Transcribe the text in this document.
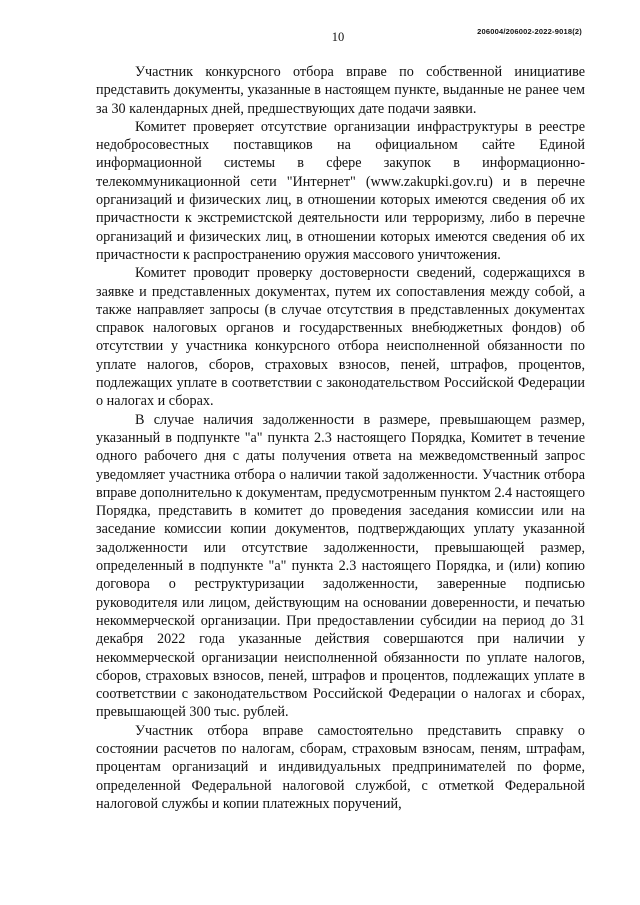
206004/206002-2022-9018(2)
10

Участник конкурсного отбора вправе по собственной инициативе представить документы, указанные в настоящем пункте, выданные не ранее чем за 30 календарных дней, предшествующих дате подачи заявки.

Комитет проверяет отсутствие организации инфраструктуры в реестре недобросовестных поставщиков на официальном сайте Единой информационной системы в сфере закупок в информационно-телекоммуникационной сети "Интернет" (www.zakupki.gov.ru) и в перечне организаций и физических лиц, в отношении которых имеются сведения об их причастности к экстремистской деятельности или терроризму, либо в перечне организаций и физических лиц, в отношении которых имеются сведения об их причастности к распространению оружия массового уничтожения.

Комитет проводит проверку достоверности сведений, содержащихся в заявке и представленных документах, путем их сопоставления между собой, а также направляет запросы (в случае отсутствия в представленных документах справок налоговых органов и государственных внебюджетных фондов) об отсутствии у участника конкурсного отбора неисполненной обязанности по уплате налогов, сборов, страховых взносов, пеней, штрафов, процентов, подлежащих уплате в соответствии с законодательством Российской Федерации о налогах и сборах.

В случае наличия задолженности в размере, превышающем размер, указанный в подпункте "а" пункта 2.3 настоящего Порядка, Комитет в течение одного рабочего дня с даты получения ответа на межведомственный запрос уведомляет участника отбора о наличии такой задолженности. Участник отбора вправе дополнительно к документам, предусмотренным пунктом 2.4 настоящего Порядка, представить в комитет до проведения заседания комиссии или на заседание комиссии копии документов, подтверждающих уплату указанной задолженности или отсутствие задолженности, превышающей размер, определенный в подпункте "а" пункта 2.3 настоящего Порядка, и (или) копию договора о реструктуризации задолженности, заверенные подписью руководителя или лицом, действующим на основании доверенности, и печатью некоммерческой организации. При предоставлении субсидии на период до 31 декабря 2022 года указанные действия совершаются при наличии у некоммерческой организации неисполненной обязанности по уплате налогов, сборов, страховых взносов, пеней, штрафов и процентов, подлежащих уплате в соответствии с законодательством Российской Федерации о налогах и сборах, превышающей 300 тыс. рублей.

Участник отбора вправе самостоятельно представить справку о состоянии расчетов по налогам, сборам, страховым взносам, пеням, штрафам, процентам организаций и индивидуальных предпринимателей по форме, определенной Федеральной налоговой службой, с отметкой Федеральной налоговой службы и копии платежных поручений,
